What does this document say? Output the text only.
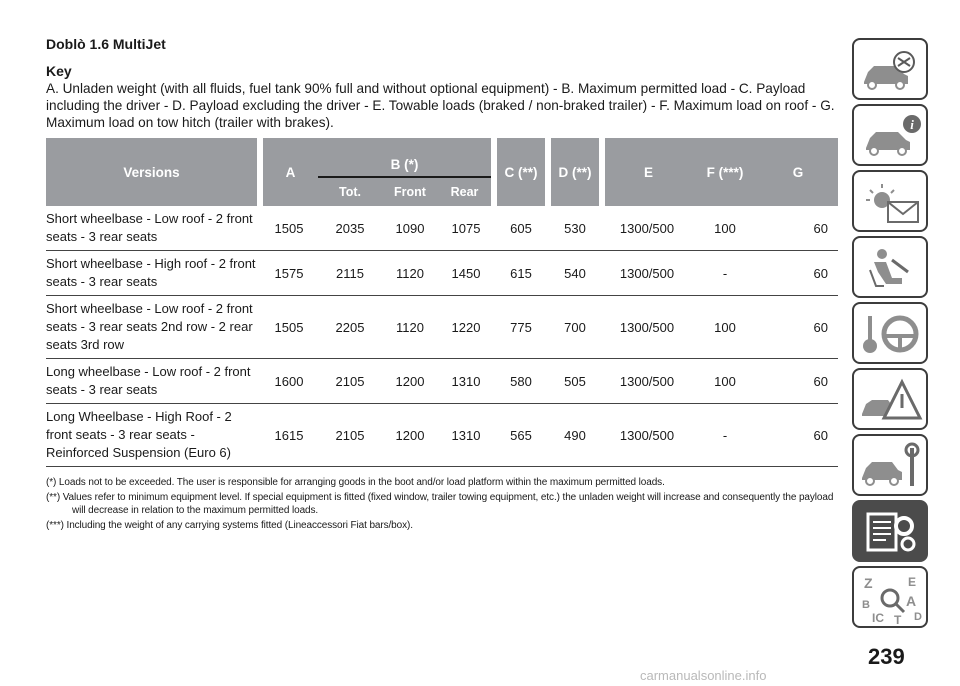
Doblò 1.6 MultiJet

Key

A. Unladen weight (with all fluids, fuel tank 90% full and without optional equipment) - B. Maximum permitted load - C. Payload including the driver - D. Payload excluding the driver - E. Towable loads (braked / non-braked trailer) - F. Maximum load on roof - G. Maximum load on tow hitch (trailer with brakes).

Versions	A	B (*)			C (**)	D (**)	E	F (***)	G
		Tot.	Front	Rear					
Short wheelbase - Low roof - 2 front seats - 3 rear seats	1505	2035	1090	1075	605	530	1300/500	100	60
Short wheelbase - High roof - 2 front seats - 3 rear seats	1575	2115	1120	1450	615	540	1300/500	-	60
Short wheelbase - Low roof - 2 front seats - 3 rear seats 2nd row - 2 rear seats 3rd row	1505	2205	1120	1220	775	700	1300/500	100	60
Long wheelbase - Low roof - 2 front seats - 3 rear seats	1600	2105	1200	1310	580	505	1300/500	100	60
Long Wheelbase - High Roof - 2 front seats - 3 rear seats - Reinforced Suspension (Euro 6)	1615	2105	1200	1310	565	490	1300/500	-	60

(*) Loads not to be exceeded. The user is responsible for arranging goods in the boot and/or load platform within the maximum permitted loads.

(**) Values refer to minimum equipment level. If special equipment is fitted (fixed window, trailer towing equipment, etc.) the unladen weight will increase and consequently the payload will decrease in relation to the maximum permitted loads.

(***) Including the weight of any carrying systems fitted (Lineaccessori Fiat bars/box).

i
Z	E
B	A
IC T D
239
carmanualsonline.info
